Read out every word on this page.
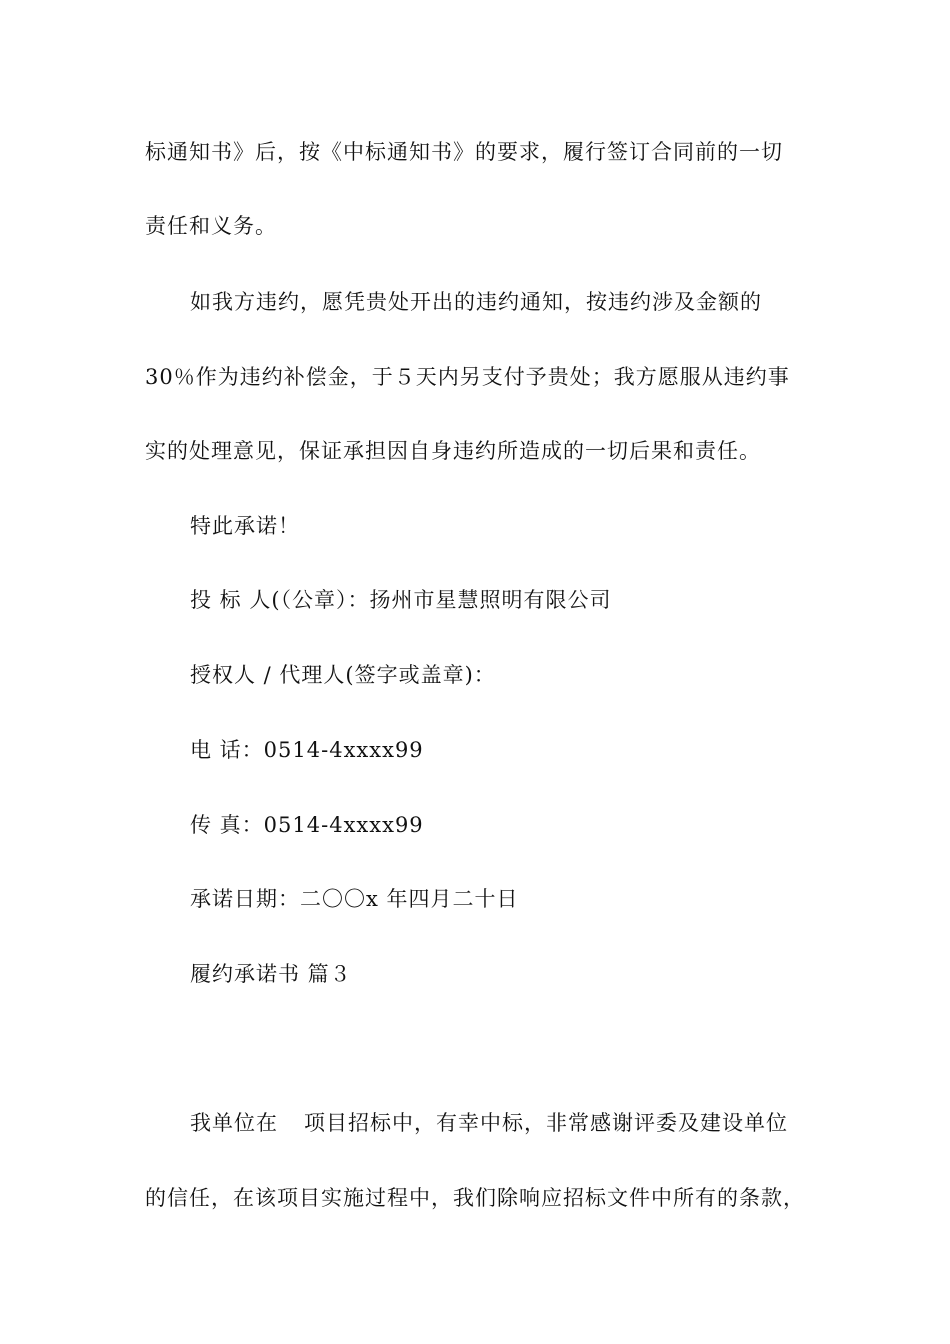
标通知书》后，按《中标通知书》的要求，履行签订合同前的一切
责任和义务。
如我方违约，愿凭贵处开出的违约通知，按违约涉及金额的
30％作为违约补偿金，于５天内另支付予贵处；我方愿服从违约事
实的处理意见，保证承担因自身违约所造成的一切后果和责任。
特此承诺！
投 标 人(（公章）：扬州市星慧照明有限公司
授权人 / 代理人(签字或盖章)：
电 话：0514-4xxxx99
传 真：0514-4xxxx99
承诺日期：二〇〇x 年四月二十日
履约承诺书 篇３
我单位在 项目招标中，有幸中标，非常感谢评委及建设单位
的信任，在该项目实施过程中，我们除响应招标文件中所有的条款，
